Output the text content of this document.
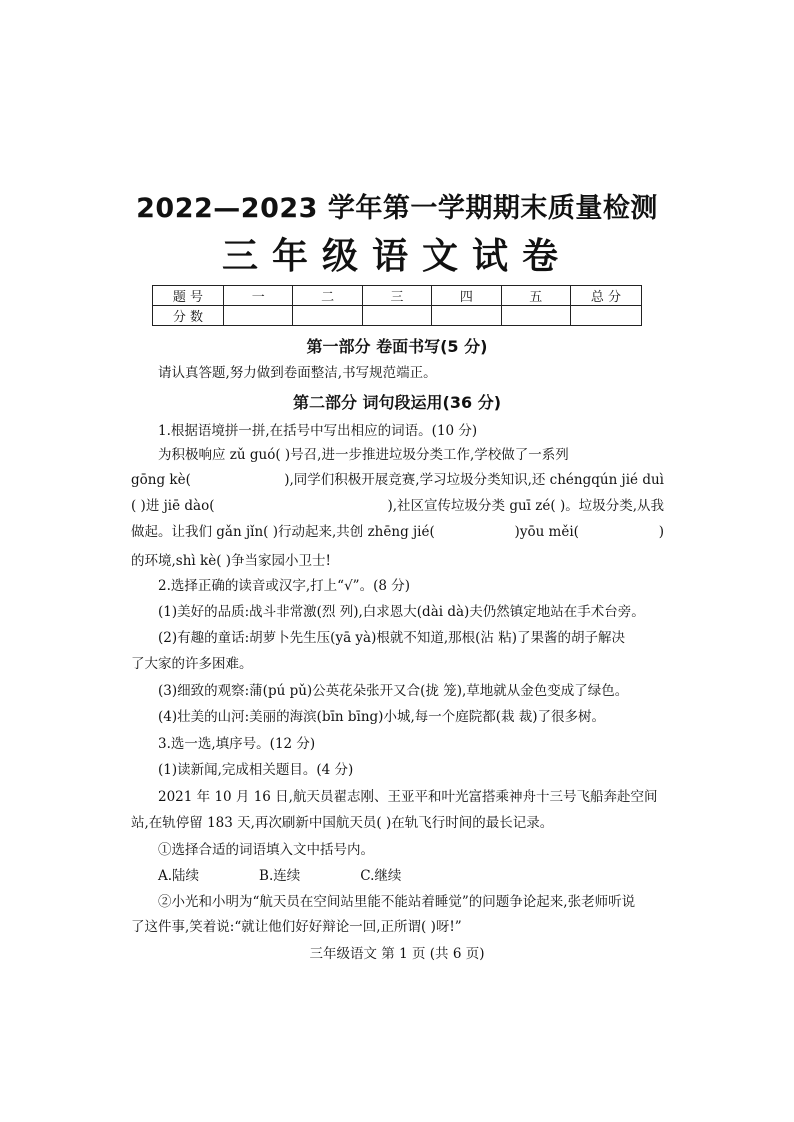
2022—2023 学年第一学期期末质量检测
三年级语文试卷
题 号	一	二	三	四	五	总 分
分 数						
第一部分 卷面书写(5 分)
请认真答题,努力做到卷面整洁,书写规范端正。
第二部分 词句段运用(36 分)
1.根据语境拼一拼,在括号中写出相应的词语。(10 分)
为积极响应 zǔ guó( )号召,进一步推进垃圾分类工作,学校做了一系列
gōng kè(	),同学们积极开展竞赛,学习垃圾分类知识,还 chéngqún jié duì
( )进 jiē dào(	),社区宣传垃圾分类 guī zé( )。垃圾分类,从我
做起。让我们 gǎn jǐn( )行动起来,共创 zhēng jié(	)yōu měi(	)
的环境,shì kè( )争当家园小卫士!
2.选择正确的读音或汉字,打上“√”。(8 分)
(1)美好的品质:战斗非常激(烈 列),白求恩大(dài dà)夫仍然镇定地站在手术台旁。
(2)有趣的童话:胡萝卜先生压(yā yà)根就不知道,那根(沾 粘)了果酱的胡子解决
了大家的许多困难。
(3)细致的观察:蒲(pú pǔ)公英花朵张开又合(拢 笼),草地就从金色变成了绿色。
(4)壮美的山河:美丽的海滨(bīn bīng)小城,每一个庭院都(栽 裁)了很多树。
3.选一选,填序号。(12 分)
(1)读新闻,完成相关题目。(4 分)
2021 年 10 月 16 日,航天员翟志刚、王亚平和叶光富搭乘神舟十三号飞船奔赴空间
站,在轨停留 183 天,再次刷新中国航天员( )在轨飞行时间的最长记录。
①选择合适的词语填入文中括号内。
A.陆续	B.连续	C.继续
②小光和小明为“航天员在空间站里能不能站着睡觉”的问题争论起来,张老师听说
了这件事,笑着说:“就让他们好好辩论一回,正所谓( )呀!”
三年级语文 第 1 页 (共 6 页)
